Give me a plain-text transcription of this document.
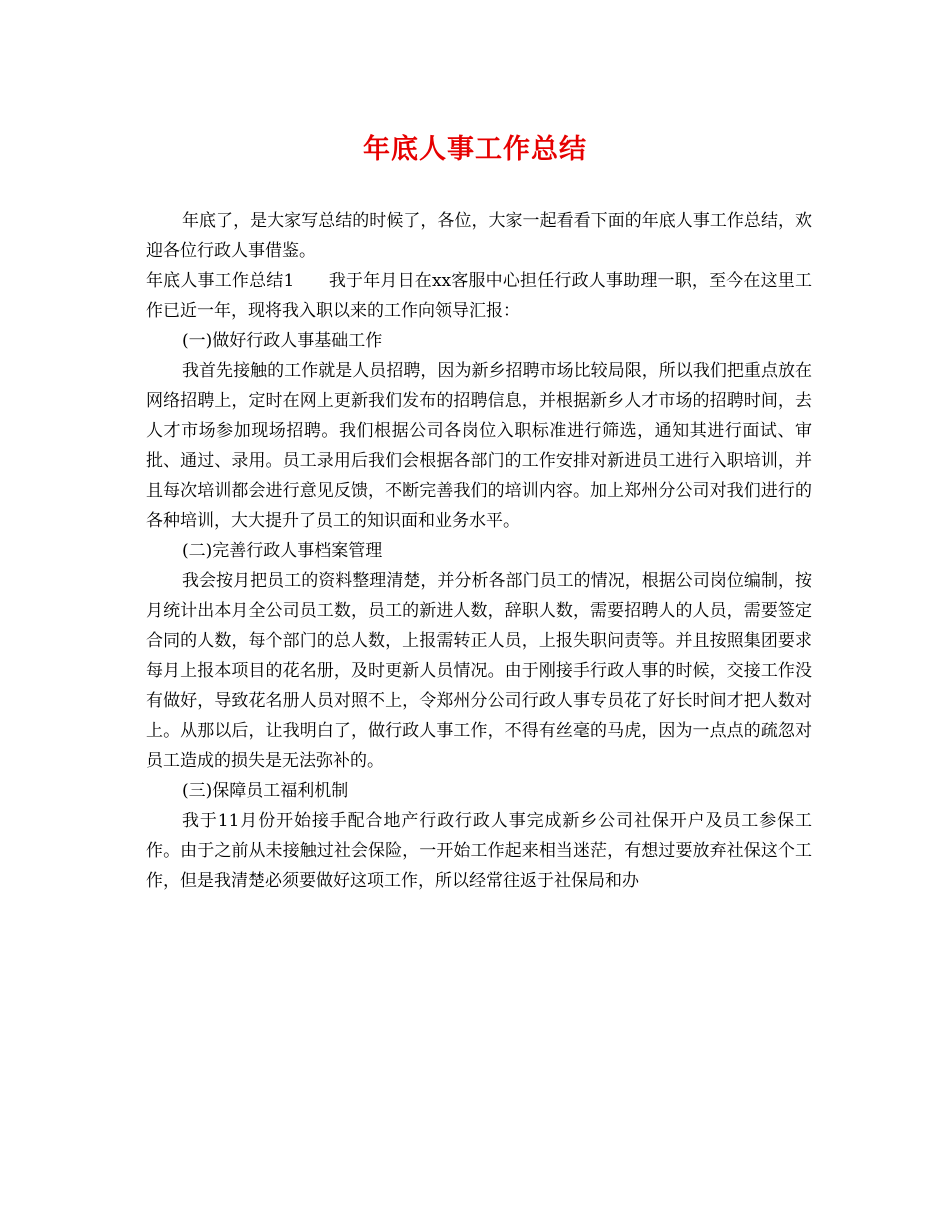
年底人事工作总结

年底了，是大家写总结的时候了，各位，大家一起看看下面的年底人事工作总结，欢迎各位行政人事借鉴。

年底人事工作总结1　　我于年月日在xx客服中心担任行政人事助理一职，至今在这里工作已近一年，现将我入职以来的工作向领导汇报：

(一)做好行政人事基础工作

我首先接触的工作就是人员招聘，因为新乡招聘市场比较局限，所以我们把重点放在网络招聘上，定时在网上更新我们发布的招聘信息，并根据新乡人才市场的招聘时间，去人才市场参加现场招聘。我们根据公司各岗位入职标准进行筛选，通知其进行面试、审批、通过、录用。员工录用后我们会根据各部门的工作安排对新进员工进行入职培训，并且每次培训都会进行意见反馈，不断完善我们的培训内容。加上郑州分公司对我们进行的各种培训，大大提升了员工的知识面和业务水平。

(二)完善行政人事档案管理

我会按月把员工的资料整理清楚，并分析各部门员工的情况，根据公司岗位编制，按月统计出本月全公司员工数，员工的新进人数，辞职人数，需要招聘人的人员，需要签定合同的人数，每个部门的总人数，上报需转正人员，上报失职问责等。并且按照集团要求每月上报本项目的花名册，及时更新人员情况。由于刚接手行政人事的时候，交接工作没有做好，导致花名册人员对照不上，令郑州分公司行政人事专员花了好长时间才把人数对上。从那以后，让我明白了，做行政人事工作，不得有丝毫的马虎，因为一点点的疏忽对员工造成的损失是无法弥补的。

(三)保障员工福利机制

我于11月份开始接手配合地产行政行政人事完成新乡公司社保开户及员工参保工作。由于之前从未接触过社会保险，一开始工作起来相当迷茫，有想过要放弃社保这个工作，但是我清楚必须要做好这项工作，所以经常往返于社保局和办
